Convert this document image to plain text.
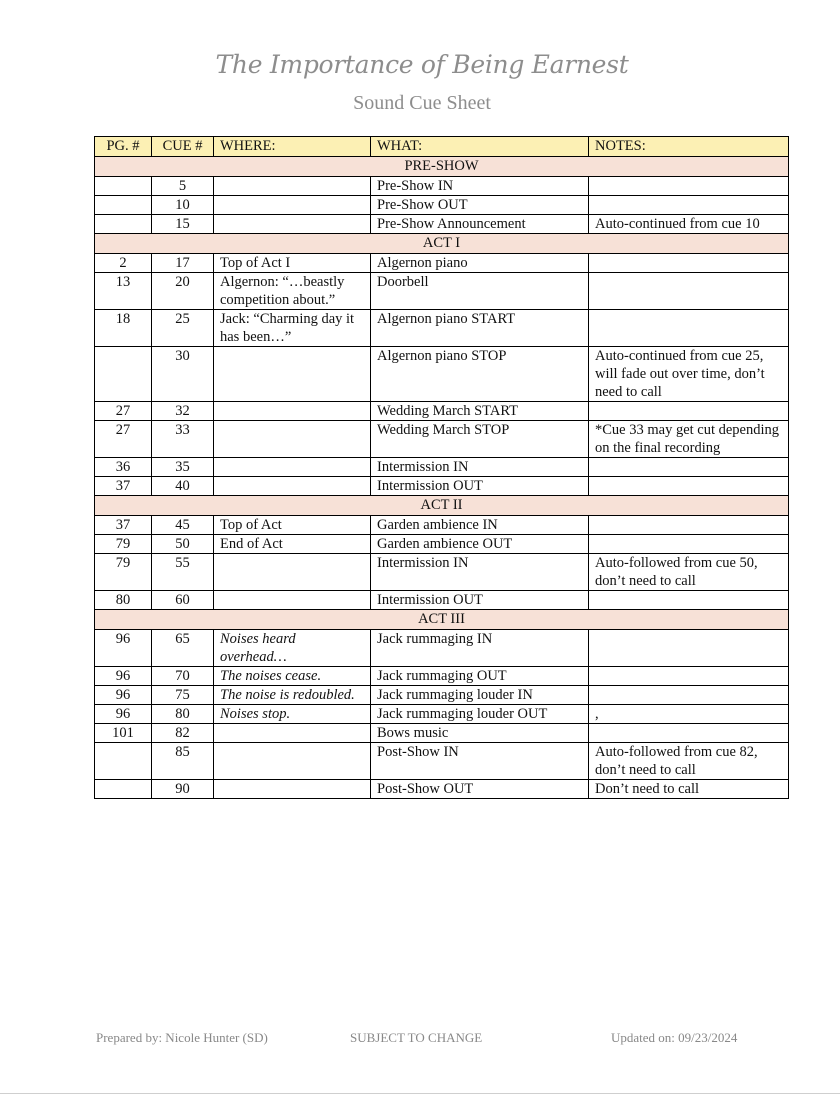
The Importance of Being Earnest
Sound Cue Sheet
PG. #	CUE #	WHERE:	WHAT:	NOTES:
PRE-SHOW				
	5		Pre-Show IN	
	10		Pre-Show OUT	
	15		Pre-Show Announcement	Auto-continued from cue 10
ACT I				
2	17	Top of Act I	Algernon piano	
13	20	Algernon: “…beastly competition about.”	Doorbell	
18	25	Jack: “Charming day it has been…”	Algernon piano START	
	30		Algernon piano STOP	Auto-continued from cue 25, will fade out over time, don’t need to call
27	32		Wedding March START	
27	33		Wedding March STOP	*Cue 33 may get cut depending on the final recording
36	35		Intermission IN	
37	40		Intermission OUT	
ACT II				
37	45	Top of Act	Garden ambience IN	
79	50	End of Act	Garden ambience OUT	
79	55		Intermission IN	Auto-followed from cue 50, don’t need to call
80	60		Intermission OUT	
ACT III				
96	65	Noises heard overhead…	Jack rummaging IN	
96	70	The noises cease.	Jack rummaging OUT	
96	75	The noise is redoubled.	Jack rummaging louder IN	
96	80	Noises stop.	Jack rummaging louder OUT	,
101	82		Bows music	
	85		Post-Show IN	Auto-followed from cue 82, don’t need to call
	90		Post-Show OUT	Don’t need to call
Prepared by: Nicole Hunter (SD)	SUBJECT TO CHANGE	Updated on: 09/23/2024
